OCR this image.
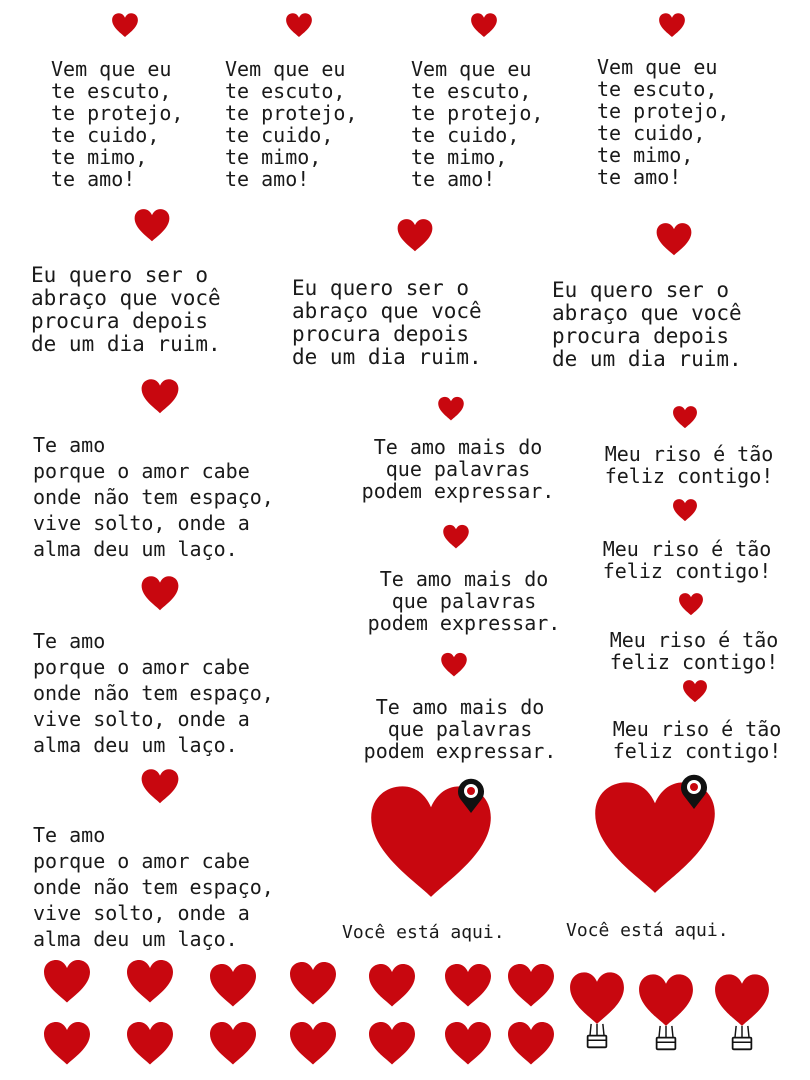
Vem que eu
te escuto,
te protejo,
te cuido,
te mimo,
te amo!

Vem que eu
te escuto,
te protejo,
te cuido,
te mimo,
te amo!

Vem que eu
te escuto,
te protejo,
te cuido,
te mimo,
te amo!

Vem que eu
te escuto,
te protejo,
te cuido,
te mimo,
te amo!

Eu quero ser o
abraço que você
procura depois
de um dia ruim.

Eu quero ser o
abraço que você
procura depois
de um dia ruim.

Eu quero ser o
abraço que você
procura depois
de um dia ruim.

Te amo
porque o amor cabe
onde não tem espaço,
vive solto, onde a
alma deu um laço.

Te amo
porque o amor cabe
onde não tem espaço,
vive solto, onde a
alma deu um laço.

Te amo
porque o amor cabe
onde não tem espaço,
vive solto, onde a
alma deu um laço.

Te amo mais do
que palavras
podem expressar.

Te amo mais do
que palavras
podem expressar.

Te amo mais do
que palavras
podem expressar.

Meu riso é tão
feliz contigo!

Meu riso é tão
feliz contigo!

Meu riso é tão
feliz contigo!

Meu riso é tão
feliz contigo!

Você está aqui.	Você está aqui.
